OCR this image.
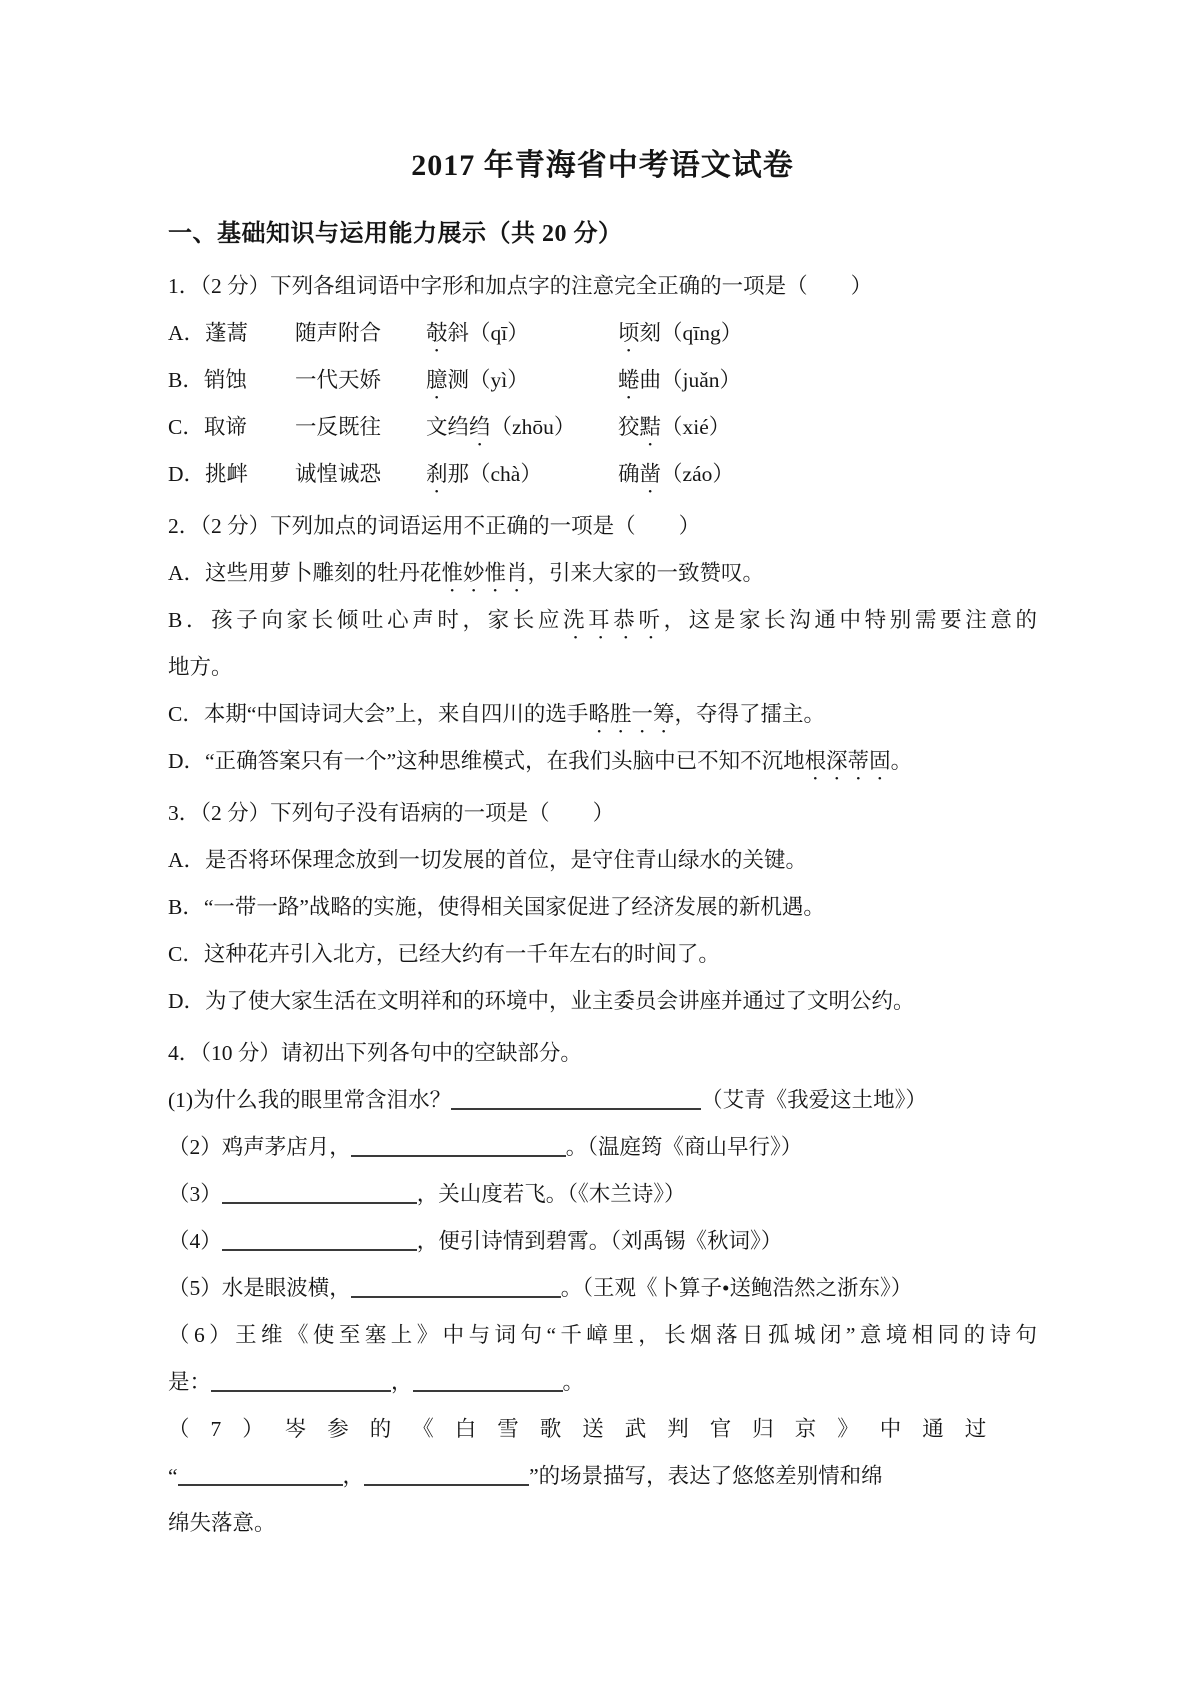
2017 年青海省中考语文试卷
一、基础知识与运用能力展示（共 20 分）
1．（2 分）下列各组词语中字形和加点字的注意完全正确的一项是（　　）
A．蓬蒿	随声附合	攲斜（qī）	顷刻（qīng）
B．销蚀	一代天娇	臆测（yì）	蜷曲（juǎn）
C．取谛	一反既往	文绉绉（zhōu）	狡黠（xié）
D．挑衅	诚惶诚恐	刹那（chà）	确凿（záo）
2．（2 分）下列加点的词语运用不正确的一项是（　　）
A．这些用萝卜雕刻的牡丹花惟妙惟肖，引来大家的一致赞叹。
B．孩子向家长倾吐心声时，家长应洗耳恭听，这是家长沟通中特别需要注意的
地方。
C．本期“中国诗词大会”上，来自四川的选手略胜一筹，夺得了擂主。
D．“正确答案只有一个”这种思维模式，在我们头脑中已不知不沉地根深蒂固。
3．（2 分）下列句子没有语病的一项是（　　）
A．是否将环保理念放到一切发展的首位，是守住青山绿水的关键。
B．“一带一路”战略的实施，使得相关国家促进了经济发展的新机遇。
C．这种花卉引入北方，已经大约有一千年左右的时间了。
D．为了使大家生活在文明祥和的环境中，业主委员会讲座并通过了文明公约。
4．（10 分）请初出下列各句中的空缺部分。
(1)为什么我的眼里常含泪水？	（艾青《我爱这土地》）
（2）鸡声茅店月，	。（温庭筠《商山早行》）
（3）	，关山度若飞。（《木兰诗》）
（4）	，便引诗情到碧霄。（刘禹锡《秋词》）
（5）水是眼波横，	。（王观《卜算子•送鲍浩然之浙东》）
（6）王维《使至塞上》中与词句“千嶂里，长烟落日孤城闭”意境相同的诗句
是：	，	。
（7）岑参的《白雪歌送武判官归京》中通过
“	，	”的场景描写，表达了悠悠差别情和绵
绵失落意。
